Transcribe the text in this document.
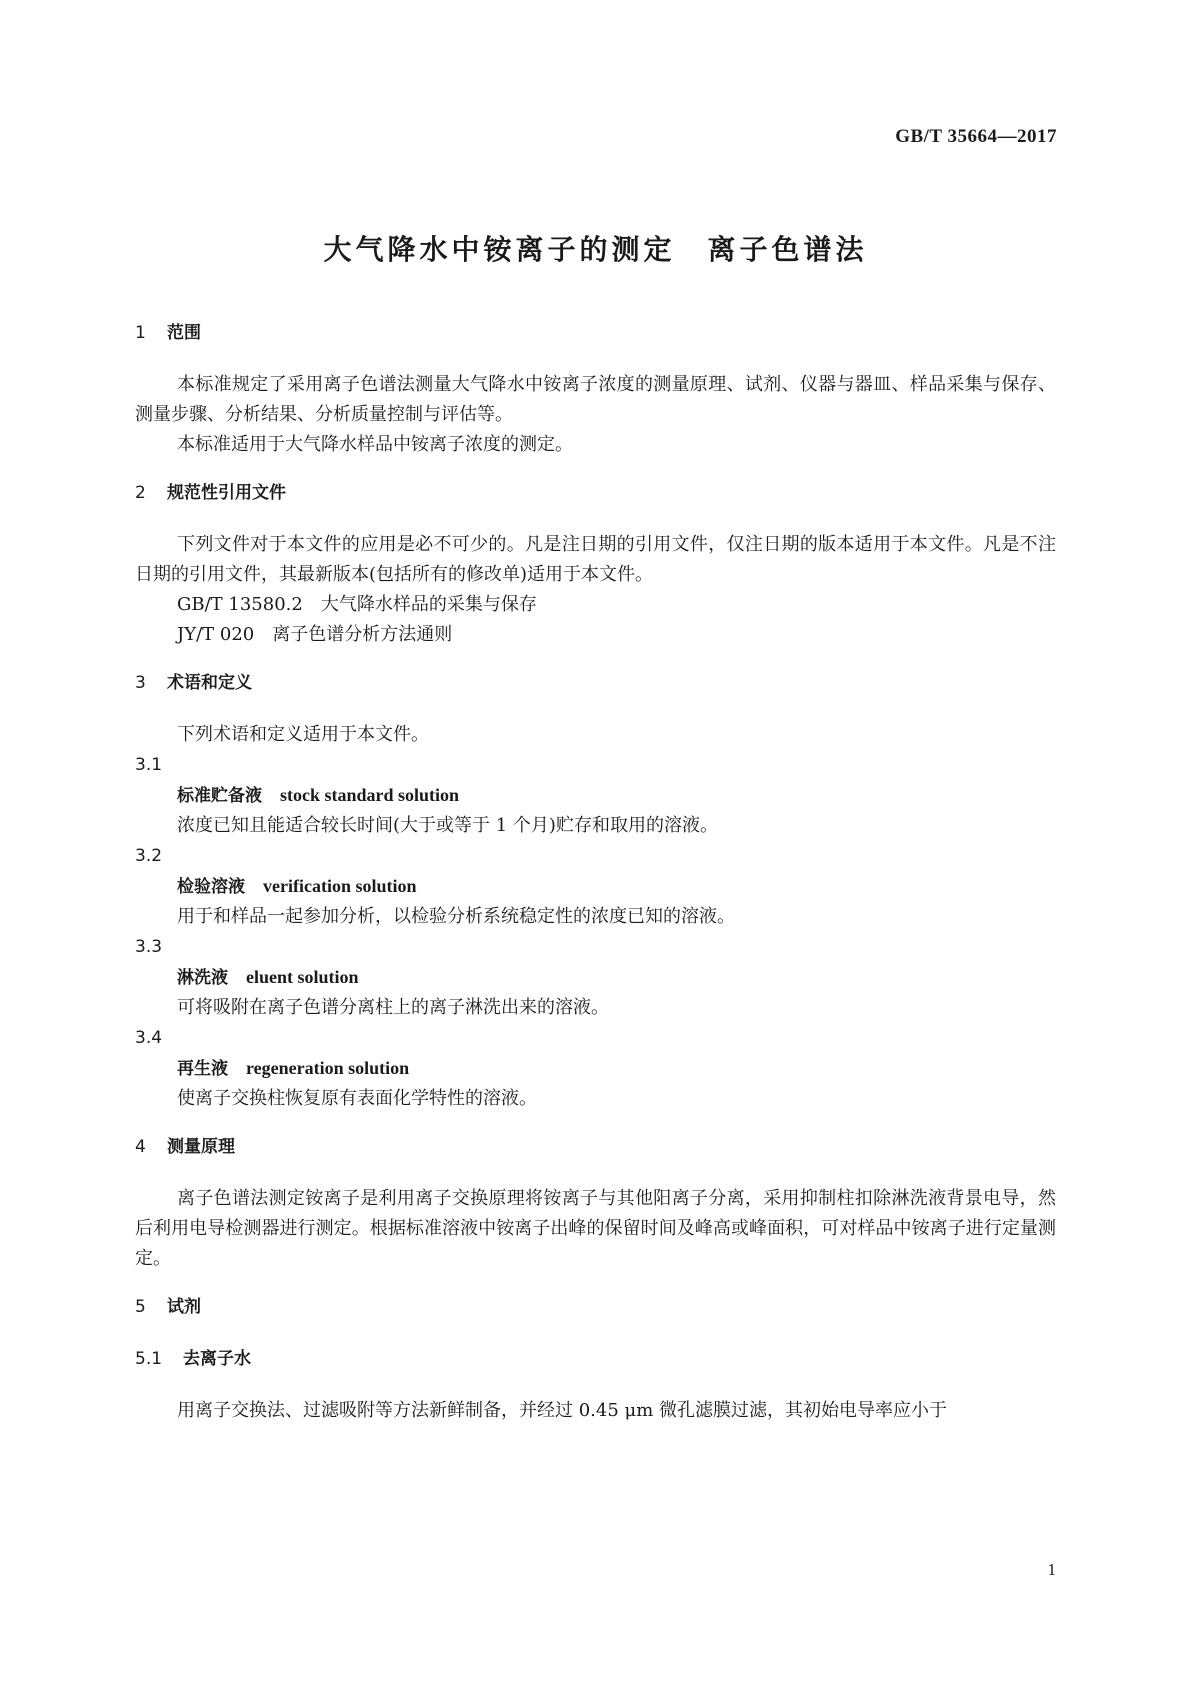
GB/T 35664—2017
大气降水中铵离子的测定　离子色谱法
1 范围

本标准规定了采用离子色谱法测量大气降水中铵离子浓度的测量原理、试剂、仪器与器皿、样品采集与保存、测量步骤、分析结果、分析质量控制与评估等。

本标准适用于大气降水样品中铵离子浓度的测定。

2 规范性引用文件

下列文件对于本文件的应用是必不可少的。凡是注日期的引用文件，仅注日期的版本适用于本文件。凡是不注日期的引用文件，其最新版本(包括所有的修改单)适用于本文件。

GB/T 13580.2　 大气降水样品的采集与保存

JY/T 020　 离子色谱分析方法通则

3 术语和定义

下列术语和定义适用于本文件。

3.1

标准贮备液　 stock standard solution

浓度已知且能适合较长时间(大于或等于 1 个月)贮存和取用的溶液。

3.2

检验溶液　 verification solution

用于和样品一起参加分析，以检验分析系统稳定性的浓度已知的溶液。

3.3

淋洗液　 eluent solution

可将吸附在离子色谱分离柱上的离子淋洗出来的溶液。

3.4

再生液　 regeneration solution

使离子交换柱恢复原有表面化学特性的溶液。

4 测量原理

离子色谱法测定铵离子是利用离子交换原理将铵离子与其他阳离子分离，采用抑制柱扣除淋洗液背景电导，然后利用电导检测器进行测定。根据标准溶液中铵离子出峰的保留时间及峰高或峰面积，可对样品中铵离子进行定量测定。

5 试剂
5.1 去离子水

用离子交换法、过滤吸附等方法新鲜制备，并经过 0.45 μm 微孔滤膜过滤，其初始电导率应小于

1
